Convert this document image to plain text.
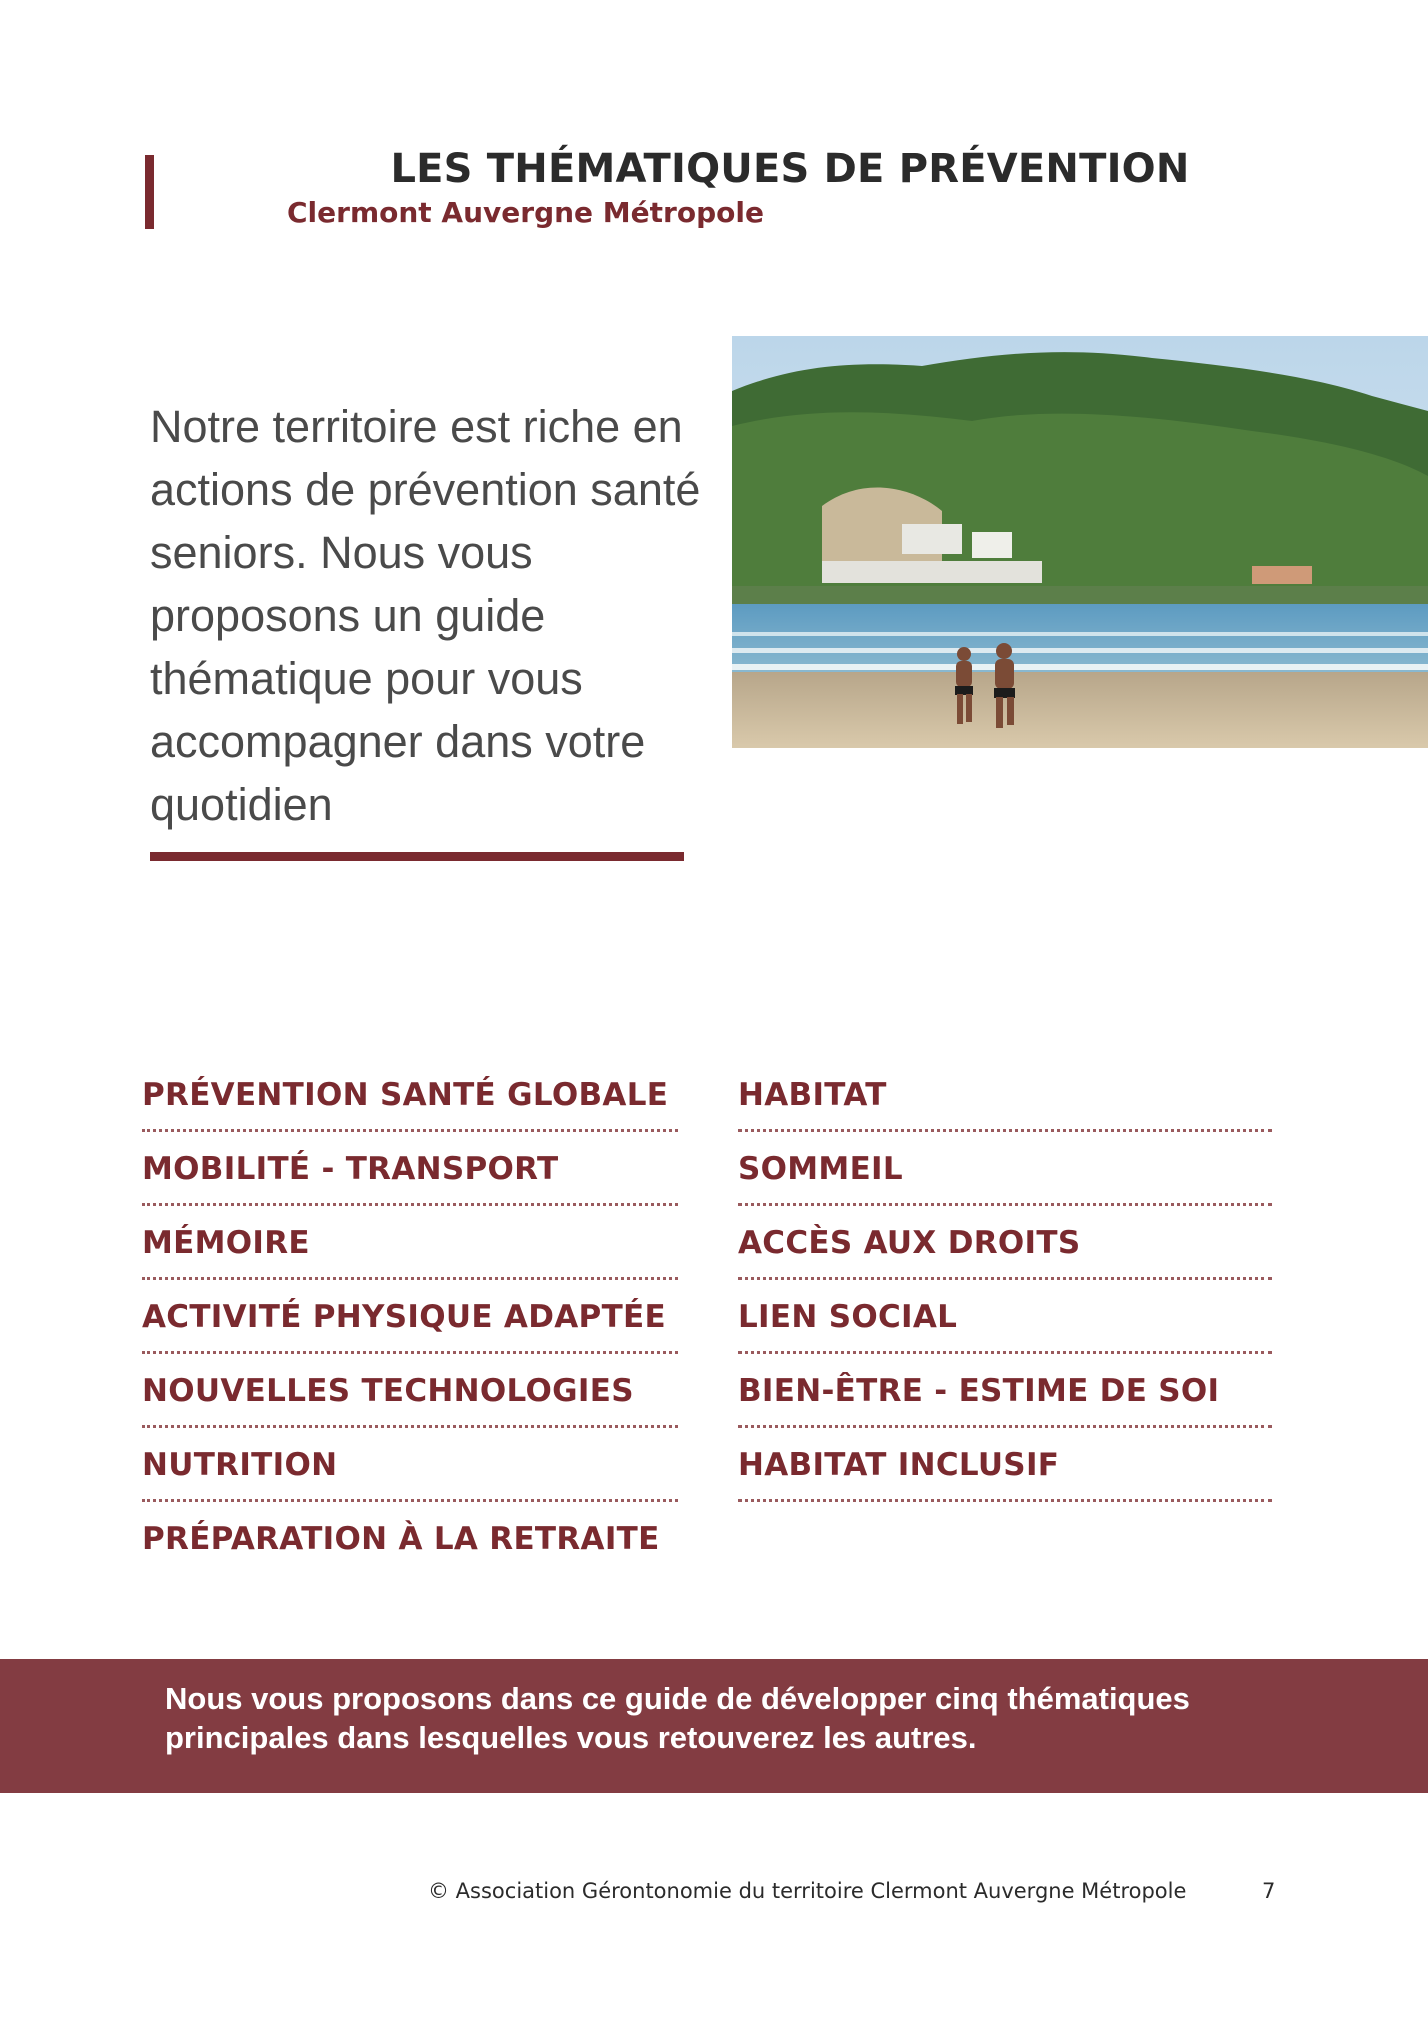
LES THÉMATIQUES DE PRÉVENTION
Clermont Auvergne Métropole

Notre territoire est riche en actions de prévention santé seniors. Nous vous proposons un guide thématique pour vous accompagner dans votre quotidien

PRÉVENTION SANTÉ GLOBALE
MOBILITÉ - TRANSPORT
MÉMOIRE
ACTIVITÉ PHYSIQUE ADAPTÉE
NOUVELLES TECHNOLOGIES
NUTRITION
PRÉPARATION À LA RETRAITE
HABITAT
SOMMEIL
ACCÈS AUX DROITS
LIEN SOCIAL
BIEN-ÊTRE - ESTIME DE SOI
HABITAT INCLUSIF

Nous vous proposons dans ce guide de développer cinq thématiques principales dans lesquelles vous retouverez les autres.

© Association Gérontonomie du territoire Clermont Auvergne Métropole	7
